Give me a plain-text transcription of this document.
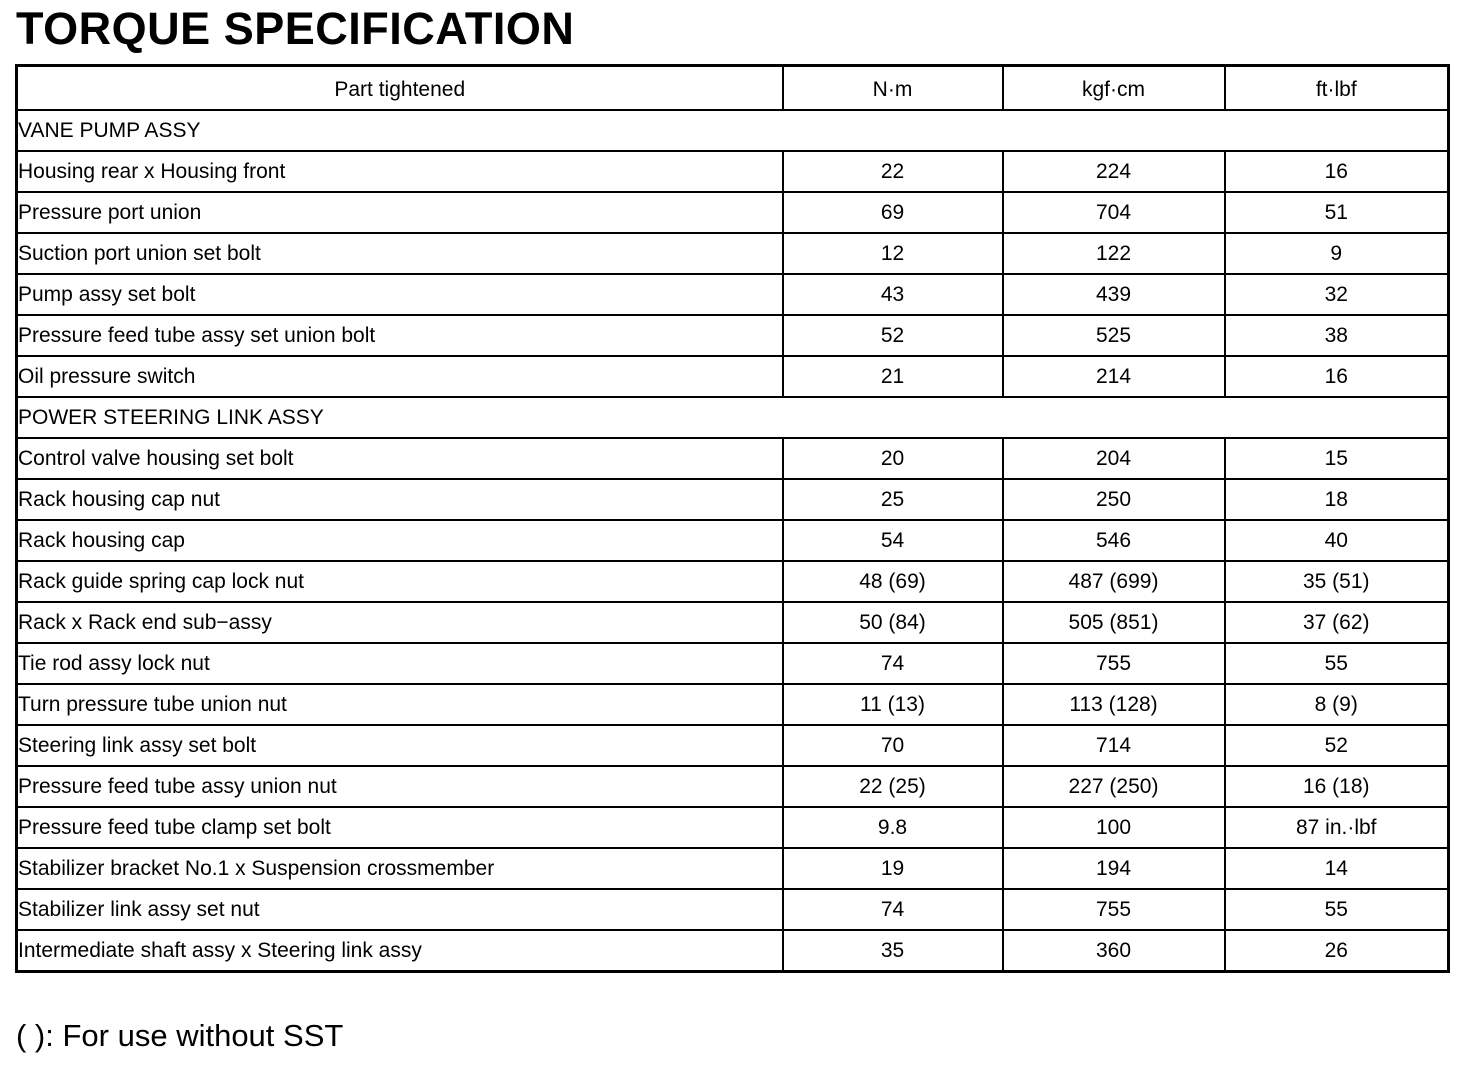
TORQUE SPECIFICATION
Part tightened	N·m	kgf·cm	ft·lbf
VANE PUMP ASSY			
Housing rear x Housing front	22	224	16
Pressure port union	69	704	51
Suction port union set bolt	12	122	9
Pump assy set bolt	43	439	32
Pressure feed tube assy set union bolt	52	525	38
Oil pressure switch	21	214	16
POWER STEERING LINK ASSY			
Control valve housing set bolt	20	204	15
Rack housing cap nut	25	250	18
Rack housing cap	54	546	40
Rack guide spring cap lock nut	48 (69)	487 (699)	35 (51)
Rack x Rack end sub−assy	50 (84)	505 (851)	37 (62)
Tie rod assy lock nut	74	755	55
Turn pressure tube union nut	11 (13)	113 (128)	8 (9)
Steering link assy set bolt	70	714	52
Pressure feed tube assy union nut	22 (25)	227 (250)	16 (18)
Pressure feed tube clamp set bolt	9.8	100	87 in.·lbf
Stabilizer bracket No.1 x Suspension crossmember	19	194	14
Stabilizer link assy set nut	74	755	55
Intermediate shaft assy x Steering link assy	35	360	26

( ): For use without SST
